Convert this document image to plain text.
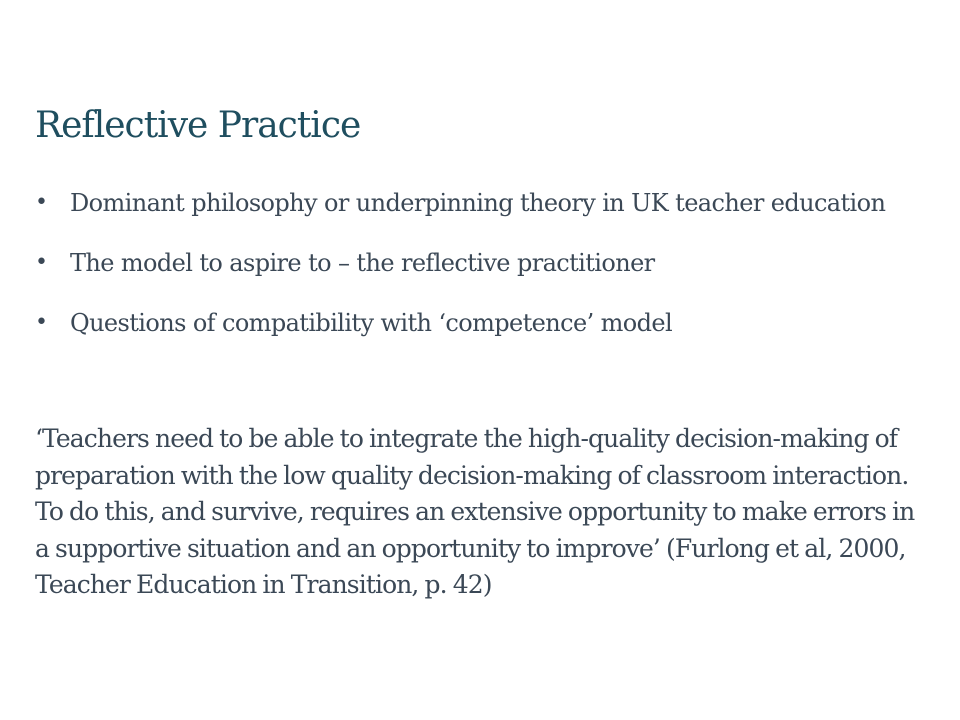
Reflective Practice
• Dominant philosophy or underpinning theory in UK teacher education
• The model to aspire to – the reflective practitioner
• Questions of compatibility with ‘competence’ model

‘Teachers need to be able to integrate the high-quality decision-making of preparation with the low quality decision-making of classroom interaction. To do this, and survive, requires an extensive opportunity to make errors in a supportive situation and an opportunity to improve’ (Furlong et al, 2000, Teacher Education in Transition, p. 42)
